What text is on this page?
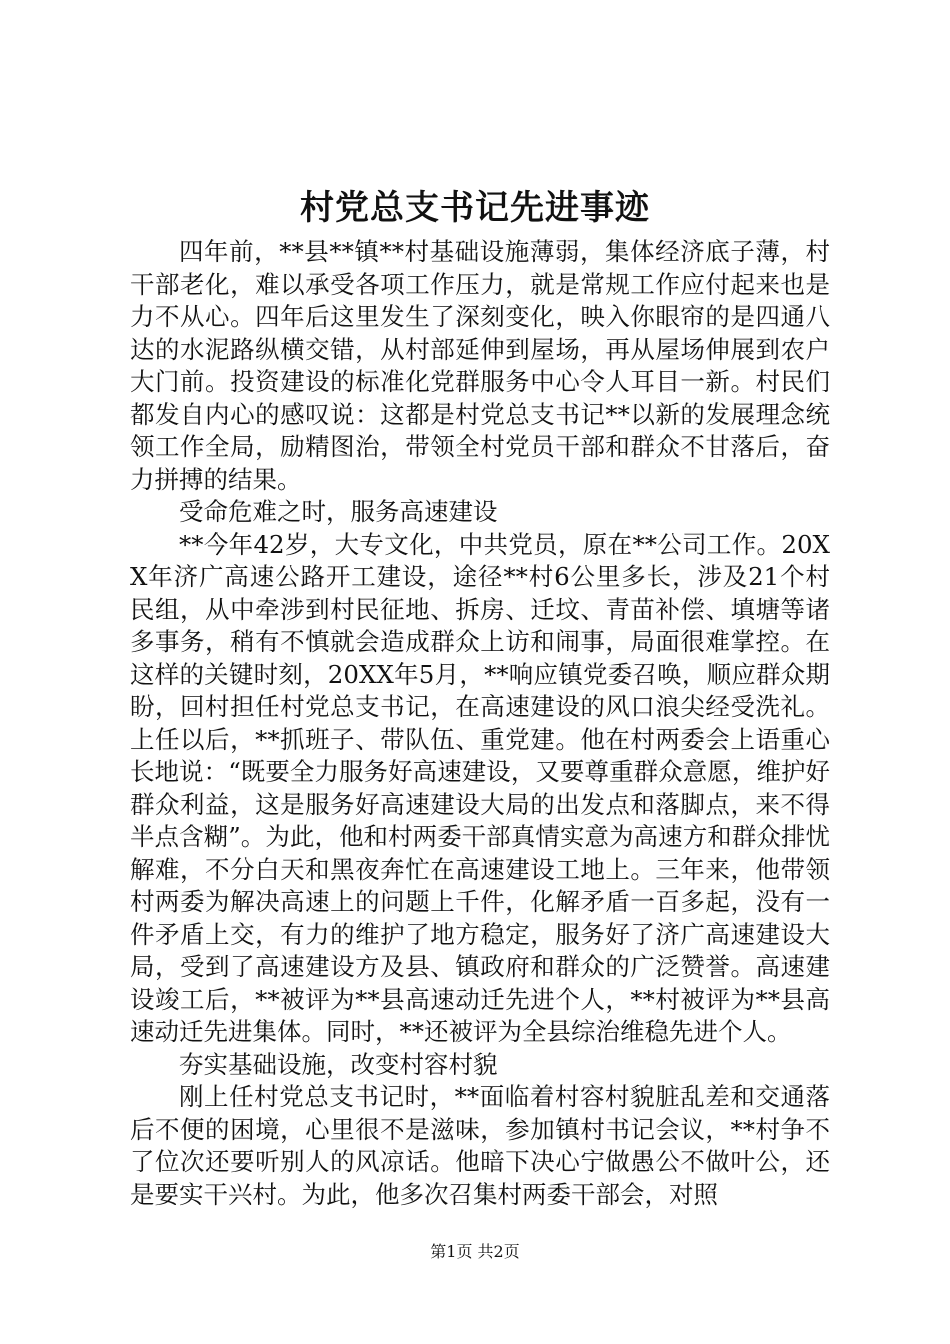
村党总支书记先进事迹

四年前，**县**镇**村基础设施薄弱，集体经济底子薄，村干部老化，难以承受各项工作压力，就是常规工作应付起来也是力不从心。四年后这里发生了深刻变化，映入你眼帘的是四通八达的水泥路纵横交错，从村部延伸到屋场，再从屋场伸展到农户大门前。投资建设的标准化党群服务中心令人耳目一新。村民们都发自内心的感叹说：这都是村党总支书记**以新的发展理念统领工作全局，励精图治，带领全村党员干部和群众不甘落后，奋力拼搏的结果。

受命危难之时，服务高速建设

**今年42岁，大专文化，中共党员，原在**公司工作。20XX年济广高速公路开工建设，途径**村6公里多长，涉及21个村民组，从中牵涉到村民征地、拆房、迁坟、青苗补偿、填塘等诸多事务，稍有不慎就会造成群众上访和闹事，局面很难掌控。在这样的关键时刻，20XX年5月，**响应镇党委召唤，顺应群众期盼，回村担任村党总支书记，在高速建设的风口浪尖经受洗礼。上任以后，**抓班子、带队伍、重党建。他在村两委会上语重心长地说：“既要全力服务好高速建设，又要尊重群众意愿，维护好群众利益，这是服务好高速建设大局的出发点和落脚点，来不得半点含糊”。为此，他和村两委干部真情实意为高速方和群众排忧解难，不分白天和黑夜奔忙在高速建设工地上。三年来，他带领村两委为解决高速上的问题上千件，化解矛盾一百多起，没有一件矛盾上交，有力的维护了地方稳定，服务好了济广高速建设大局，受到了高速建设方及县、镇政府和群众的广泛赞誉。高速建设竣工后，**被评为**县高速动迁先进个人，**村被评为**县高速动迁先进集体。同时，**还被评为全县综治维稳先进个人。

夯实基础设施，改变村容村貌

刚上任村党总支书记时，**面临着村容村貌脏乱差和交通落后不便的困境，心里很不是滋味，参加镇村书记会议，**村争不了位次还要听别人的风凉话。他暗下决心宁做愚公不做叶公，还是要实干兴村。为此，他多次召集村两委干部会，对照

第1页 共2页
